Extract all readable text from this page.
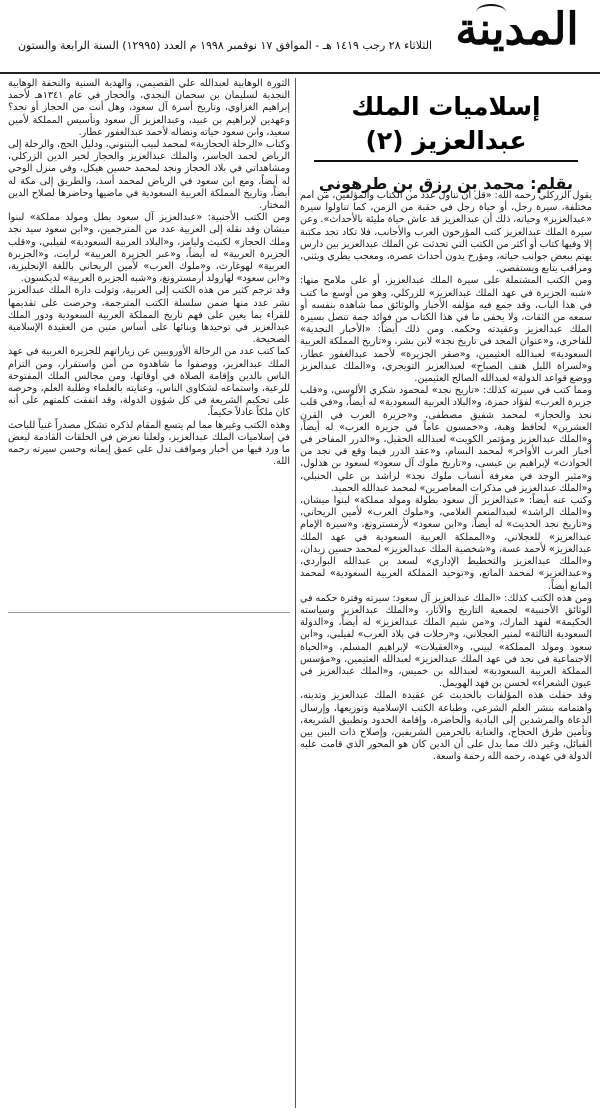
المدينة
الثلاثاء ٢٨ رجب ١٤١٩ هـ - الموافق ١٧ نوفمبر ١٩٩٨ م العدد (١٢٩٩٥) السنة الرابعة والستون
إسلاميات الملك عبدالعزيز (٢)
بقلم: محمد بن رزق بن طرهوني

يقول الزركلي رحمه الله: «قل أن تناول عدد من الكتاب والمؤلفين، من أمم مختلفة، سيرة رجل، أو حياة رجل في حقبة من الزمن، كما تناولوا سيرة «عبدالعزيز» وحياته، ذلك أن عبدالعزيز قد عاش حياة مليئة بالأحداث». وعن سيرة الملك عبدالعزيز كتب المؤرخون العرب والأجانب، فلا تكاد تجد مكتبة إلا وفيها كتاب أو أكثر من الكتب التي تحدثت عن الملك عبدالعزيز بين دارس يهتم ببعض جوانب حياته، ومؤرخ يدون أحداث عصره، ومعجب يطري ويثني، ومراقب يتابع ويستقصي.

ومن الكتب المشتملة على سيرة الملك عبدالعزيز، أو على ملامح منها: «شبه الجزيرة في عهد الملك عبدالعزيز» للزركلي، وهو من أوسع ما كتب في هذا الباب، وقد جمع فيه مؤلفه الأخبار والوثائق مما شاهده بنفسه أو سمعه من الثقات، ولا يخفى ما في هذا الكتاب من فوائد جمة تتصل بسيرة الملك عبدالعزيز وعقيدته وحكمه. ومن ذلك أيضاً: «الأخبار النجدية» للفاخري، و«عنوان المجد في تاريخ نجد» لابن بشر، و«تاريخ المملكة العربية السعودية» لعبدالله العثيمين، و«صقر الجزيرة» لأحمد عبدالغفور عطار، و«لسراة الليل هتف الصباح» لعبدالعزيز التويجري، و«الملك عبدالعزيز ووضع قواعد الدولة» لعبدالله الصالح العثيمين.

ومما كتب في سيرته كذلك: «تاريخ نجد» لمحمود شكري الألوسي، و«قلب جزيرة العرب» لفؤاد حمزة، و«البلاد العربية السعودية» له أيضاً، و«في قلب نجد والحجاز» لمحمد شفيق مصطفى، و«جزيرة العرب في القرن العشرين» لحافظ وهبة، و«خمسون عاماً في جزيرة العرب» له أيضاً، و«الملك عبدالعزيز ومؤتمر الكويت» لعبدالله الحقيل، و«الدرر المفاخر في أخبار العرب الأواخر» لمحمد البسام، و«عقد الدرر فيما وقع في نجد من الحوادث» لإبراهيم بن عيسى، و«تاريخ ملوك آل سعود» لسعود بن هذلول، و«مثير الوجد في معرفة أنساب ملوك نجد» لراشد بن علي الحنبلي، و«الملك عبدالعزيز في مذكرات المعاصرين» لمحمد عبدالله الحميد.

وكتب عنه أيضاً: «عبدالعزيز آل سعود بطولة ومولد مملكة» لبنوا ميشان، و«الملك الراشد» لعبدالمنعم الغلامي، و«ملوك العرب» لأمين الريحاني، و«تاريخ نجد الحديث» له أيضاً، و«ابن سعود» لأرمسترونغ، و«سيرة الإمام عبدالعزيز» للعجلاني، و«المملكة العربية السعودية في عهد الملك عبدالعزيز» لأحمد عسة، و«شخصية الملك عبدالعزيز» لمحمد حسين زيدان، و«الملك عبدالعزيز والتخطيط الإداري» لسعد بن عبدالله البواردي، و«عبدالعزيز» لمحمد المانع، و«توحيد المملكة العربية السعودية» لمحمد المانع أيضاً.

ومن هذه الكتب كذلك: «الملك عبدالعزيز آل سعود: سيرته وفترة حكمه في الوثائق الأجنبية» لجمعية التاريخ والآثار، و«الملك عبدالعزيز وسياسته الحكيمة» لفهد المارك، و«من شيم الملك عبدالعزيز» له أيضاً، و«الدولة السعودية الثالثة» لمنير العجلاني، و«رحلات في بلاد العرب» لفيلبي، و«ابن سعود ومولد المملكة» لبيني، و«العقيلات» لإبراهيم المسلم، و«الحياة الاجتماعية في نجد في عهد الملك عبدالعزيز» لعبدالله العثيمين، و«مؤسس المملكة العربية السعودية» لعبدالله بن خميس، و«الملك عبدالعزيز في عيون الشعراء» لحسن بن فهد الهويمل.

وقد حفلت هذه المؤلفات بالحديث عن عقيدة الملك عبدالعزيز وتدينه، واهتمامه بنشر العلم الشرعي، وطباعة الكتب الإسلامية وتوزيعها، وإرسال الدعاة والمرشدين إلى البادية والحاضرة، وإقامة الحدود وتطبيق الشريعة، وتأمين طرق الحجاج، والعناية بالحرمين الشريفين، وإصلاح ذات البين بين القبائل، وغير ذلك مما يدل على أن الدين كان هو المحور الذي قامت عليه الدولة في عهده، رحمه الله رحمة واسعة.

الثورة الوهابية لعبدالله علي القصيمي، والهدية السنية والتحفة الوهابية النجدية لسليمان بن سحمان النجدي، والحجاز في عام ١٣٤١هـ لأحمد إبراهيم الغزاوي، وتاريخ أسرة آل سعود، وهل أنت من الحجاز أو نجد؟ وعهدين لإبراهيم بن عبيد، وعبدالعزيز آل سعود وتأسيس المملكة لأمين سعيد، وابن سعود حياته ونضاله لأحمد عبدالغفور عطار.

وكتاب «الرحلة الحجازية» لمحمد لبيب البتنوني، ودليل الحج، والرحلة إلى الرياض لحمد الجاسر، والملك عبدالعزيز والحجاز لخير الدين الزركلي، ومشاهداتي في بلاد الحجاز ونجد لمحمد حسين هيكل، وفي منزل الوحي له أيضاً، ومع ابن سعود في الرياض لمحمد أسد، والطريق إلى مكة له أيضاً، وتاريخ المملكة العربية السعودية في ماضيها وحاضرها لصلاح الدين المختار.

ومن الكتب الأجنبية: «عبدالعزيز آل سعود بطل ومولد مملكة» لبنوا ميشان وقد نقله إلى العربية عدد من المترجمين، و«ابن سعود سيد نجد وملك الحجاز» لكنيث وليامز، و«البلاد العربية السعودية» لفيلبي، و«قلب الجزيرة العربية» له أيضاً، و«عبر الجزيرة العربية» لرايت، و«الجزيرة العربية» لهوغارث، و«ملوك العرب» لأمين الريحاني باللغة الإنجليزية، و«ابن سعود» لهارولد أرمسترونغ، و«شبه الجزيرة العربية» لديكسون.

وقد ترجم كثير من هذه الكتب إلى العربية، وتولت دارة الملك عبدالعزيز نشر عدد منها ضمن سلسلة الكتب المترجمة، وحرصت على تقديمها للقراء بما يعين على فهم تاريخ المملكة العربية السعودية ودور الملك عبدالعزيز في توحيدها وبنائها على أساس متين من العقيدة الإسلامية الصحيحة.

كما كتب عدد من الرحالة الأوروبيين عن زياراتهم للجزيرة العربية في عهد الملك عبدالعزيز، ووصفوا ما شاهدوه من أمن واستقرار، ومن التزام الناس بالدين وإقامة الصلاة في أوقاتها، ومن مجالس الملك المفتوحة للرعية، واستماعه لشكاوى الناس، وعنايته بالعلماء وطلبة العلم، وحرصه على تحكيم الشريعة في كل شؤون الدولة، وقد اتفقت كلمتهم على أنه كان ملكاً عادلاً حكيماً.

وهذه الكتب وغيرها مما لم يتسع المقام لذكره تشكل مصدراً غنياً للباحث في إسلاميات الملك عبدالعزيز، ولعلنا نعرض في الحلقات القادمة لبعض ما ورد فيها من أخبار ومواقف تدل على عمق إيمانه وحسن سيرته رحمه الله.
